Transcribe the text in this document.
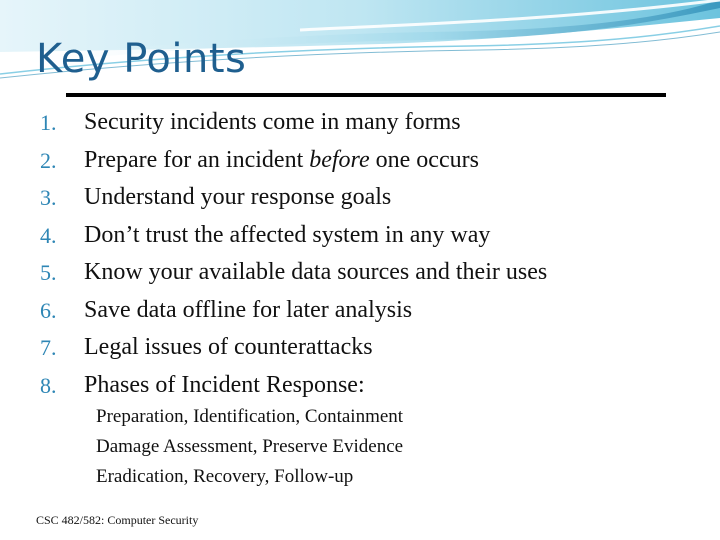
Key Points
1.	Security incidents come in many forms
2.	Prepare for an incident before one occurs
3.	Understand your response goals
4.	Don’t trust the affected system in any way
5.	Know your available data sources and their uses
6.	Save data offline for later analysis
7.	Legal issues of counterattacks
8.	Phases of Incident Response:
Preparation, Identification, Containment
Damage Assessment, Preserve Evidence
Eradication, Recovery, Follow-up
CSC 482/582: Computer Security
